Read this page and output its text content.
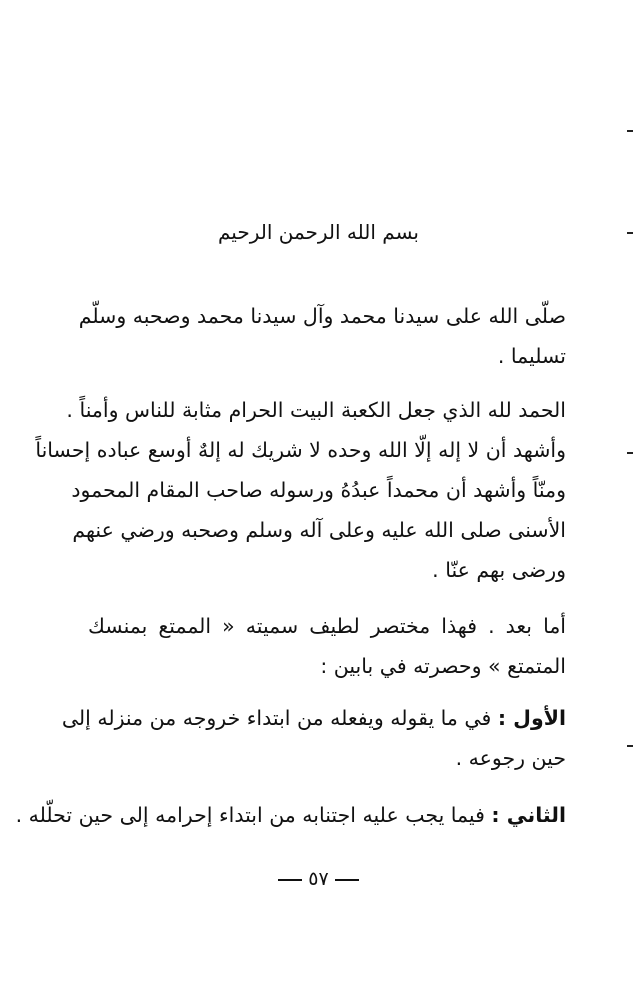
بسم الله الرحمن الرحيم
صلّى الله على سيدنا محمد وآل سيدنا محمد وصحبه وسلّم
تسليما .
الحمد لله الذي جعل الكعبة البيت الحرام مثابة للناس وأمناً .
وأشهد أن لا إله إلّا الله وحده لا شريك له إلهٌ أوسع عباده إحساناً
ومنّاً وأشهد أن محمداً عبدُهُ ورسوله صاحب المقام المحمود
الأسنى صلى الله عليه وعلى آله وسلم وصحبه ورضي عنهم
ورضى بهم عنّا .
أما بعد . فهذا مختصر لطيف سميته « الممتع بمنسك
المتمتع » وحصرته في بابين :
الأول : في ما يقوله ويفعله من ابتداء خروجه من منزله إلى
حين رجوعه .
الثاني : فيما يجب عليه اجتنابه من ابتداء إحرامه إلى حين تحلّله .
٥٧
